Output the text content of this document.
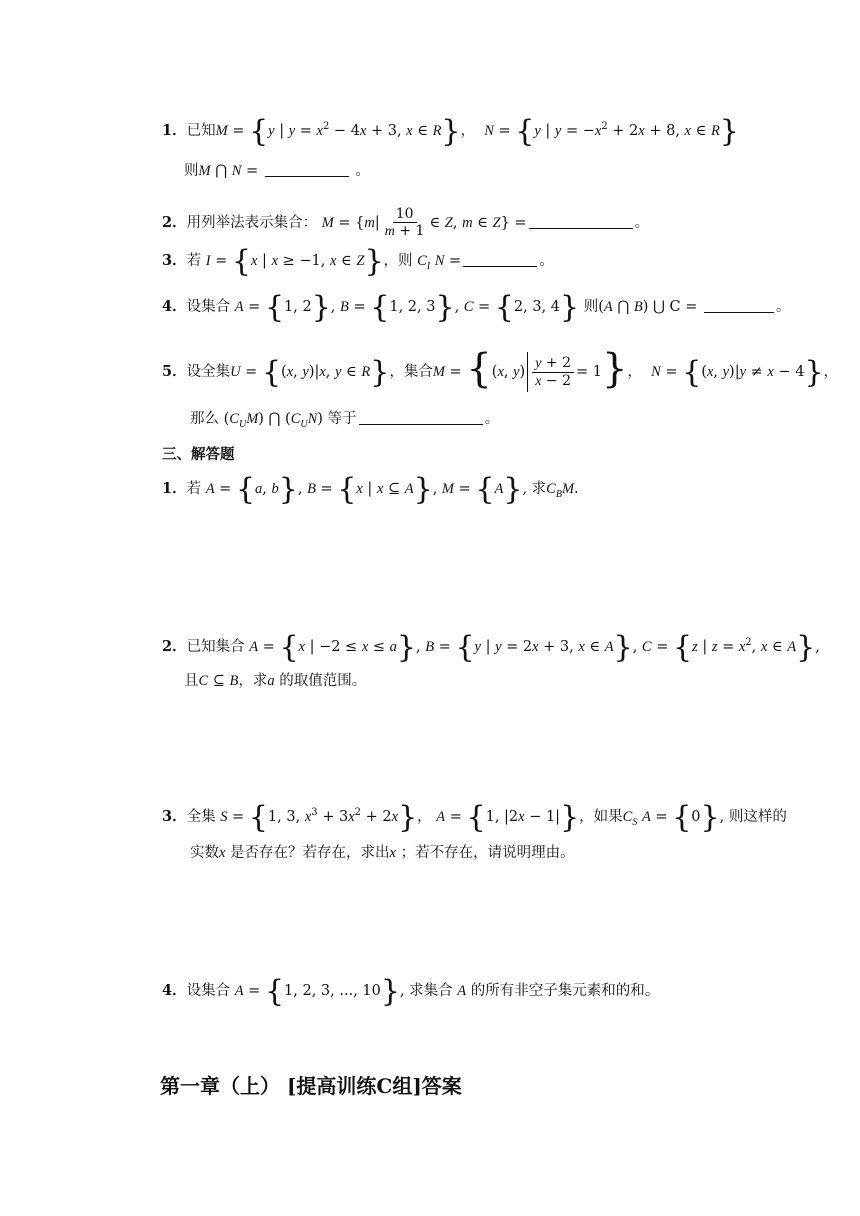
1．已知M = {y | $y = x^2 - 4x + 3$, x ∈ R}， N = {y | $y = -x^2 + 2x + 8$, x ∈ R}
则M ⋂ N =	。
2．用列举法表示集合： $M = \{m| \frac{10}{m + 1}$ ∈ Z, m ∈ Z} =	。
3．若 I = {x | x ≥ −1, x ∈ Z}，则 $C_I$ N =	。
4．设集合 A = {1, 2}, B = {1, 2, 3}, C = {2, 3, 4} 则(A ⋂ B) ⋃ C =	。
5．设全集U = {(x, y)|x, y ∈ R}，集合M = {(x, $y) \frac{y + 2}{x - 2} = 1$}， N = {(x, y)|y ≠ x − 4}，
那么 $(C_UM)$ ⋂ $(C_UN)$ 等于	。
三、解答题
1．若 A = {a, b}, B = {x | x ⊆ A}, M = {A}, 求$C_BM$.
2．已知集合 A = {x | −2 ≤ x ≤ a}, B = {y | y = 2x + 3, x ∈ A}, C = {z | $z = x^2$, x ∈ A},
且C ⊆ B，求a 的取值范围。
3．全集 S = {1, 3, $x^3 + 3x^2 + 2x$}， A = {1, |2x − 1|}，如果$C_S$ A = {0}, 则这样的
实数x 是否存在？若存在，求出x ；若不存在，请说明理由。
4．设集合 A = {1, 2, 3, ..., 10}, 求集合 A 的所有非空子集元素和的和。
第一章（上） [提高训练C组]答案
